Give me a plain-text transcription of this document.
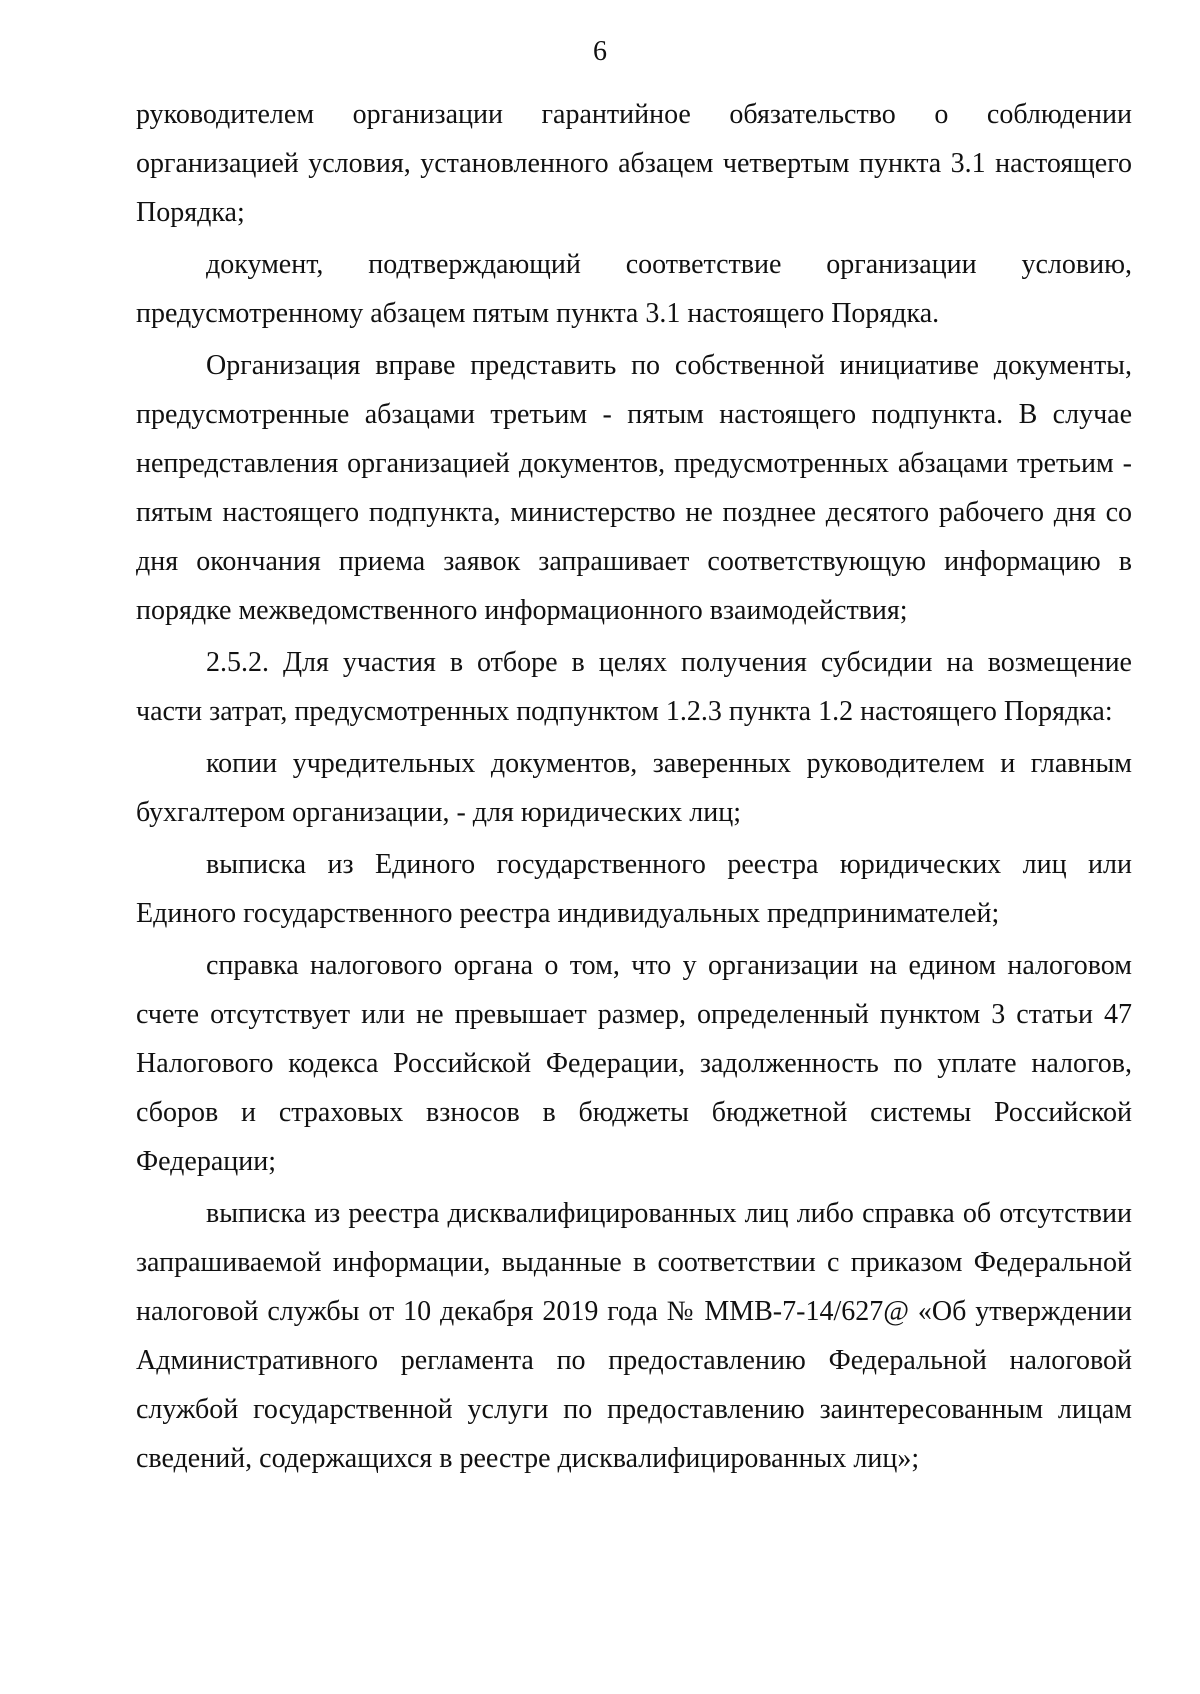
6

руководителем организации гарантийное обязательство о соблюдении организацией условия, установленного абзацем четвертым пункта 3.1 настоящего Порядка;

документ, подтверждающий соответствие организации условию, предусмотренному абзацем пятым пункта 3.1 настоящего Порядка.

Организация вправе представить по собственной инициативе документы, предусмотренные абзацами третьим - пятым настоящего подпункта. В случае непредставления организацией документов, предусмотренных абзацами третьим - пятым настоящего подпункта, министерство не позднее десятого рабочего дня со дня окончания приема заявок запрашивает соответствующую информацию в порядке межведомственного информационного взаимодействия;

2.5.2. Для участия в отборе в целях получения субсидии на возмещение части затрат, предусмотренных подпунктом 1.2.3 пункта 1.2 настоящего Порядка:

копии учредительных документов, заверенных руководителем и главным бухгалтером организации, - для юридических лиц;

выписка из Единого государственного реестра юридических лиц или Единого государственного реестра индивидуальных предпринимателей;

справка налогового органа о том, что у организации на едином налоговом счете отсутствует или не превышает размер, определенный пунктом 3 статьи 47 Налогового кодекса Российской Федерации, задолженность по уплате налогов, сборов и страховых взносов в бюджеты бюджетной системы Российской Федерации;

выписка из реестра дисквалифицированных лиц либо справка об отсутствии запрашиваемой информации, выданные в соответствии с приказом Федеральной налоговой службы от 10 декабря 2019 года № ММВ-7-14/627@ «Об утверждении Административного регламента по предоставлению Федеральной налоговой службой государственной услуги по предоставлению заинтересованным лицам сведений, содержащихся в реестре дисквалифицированных лиц»;
